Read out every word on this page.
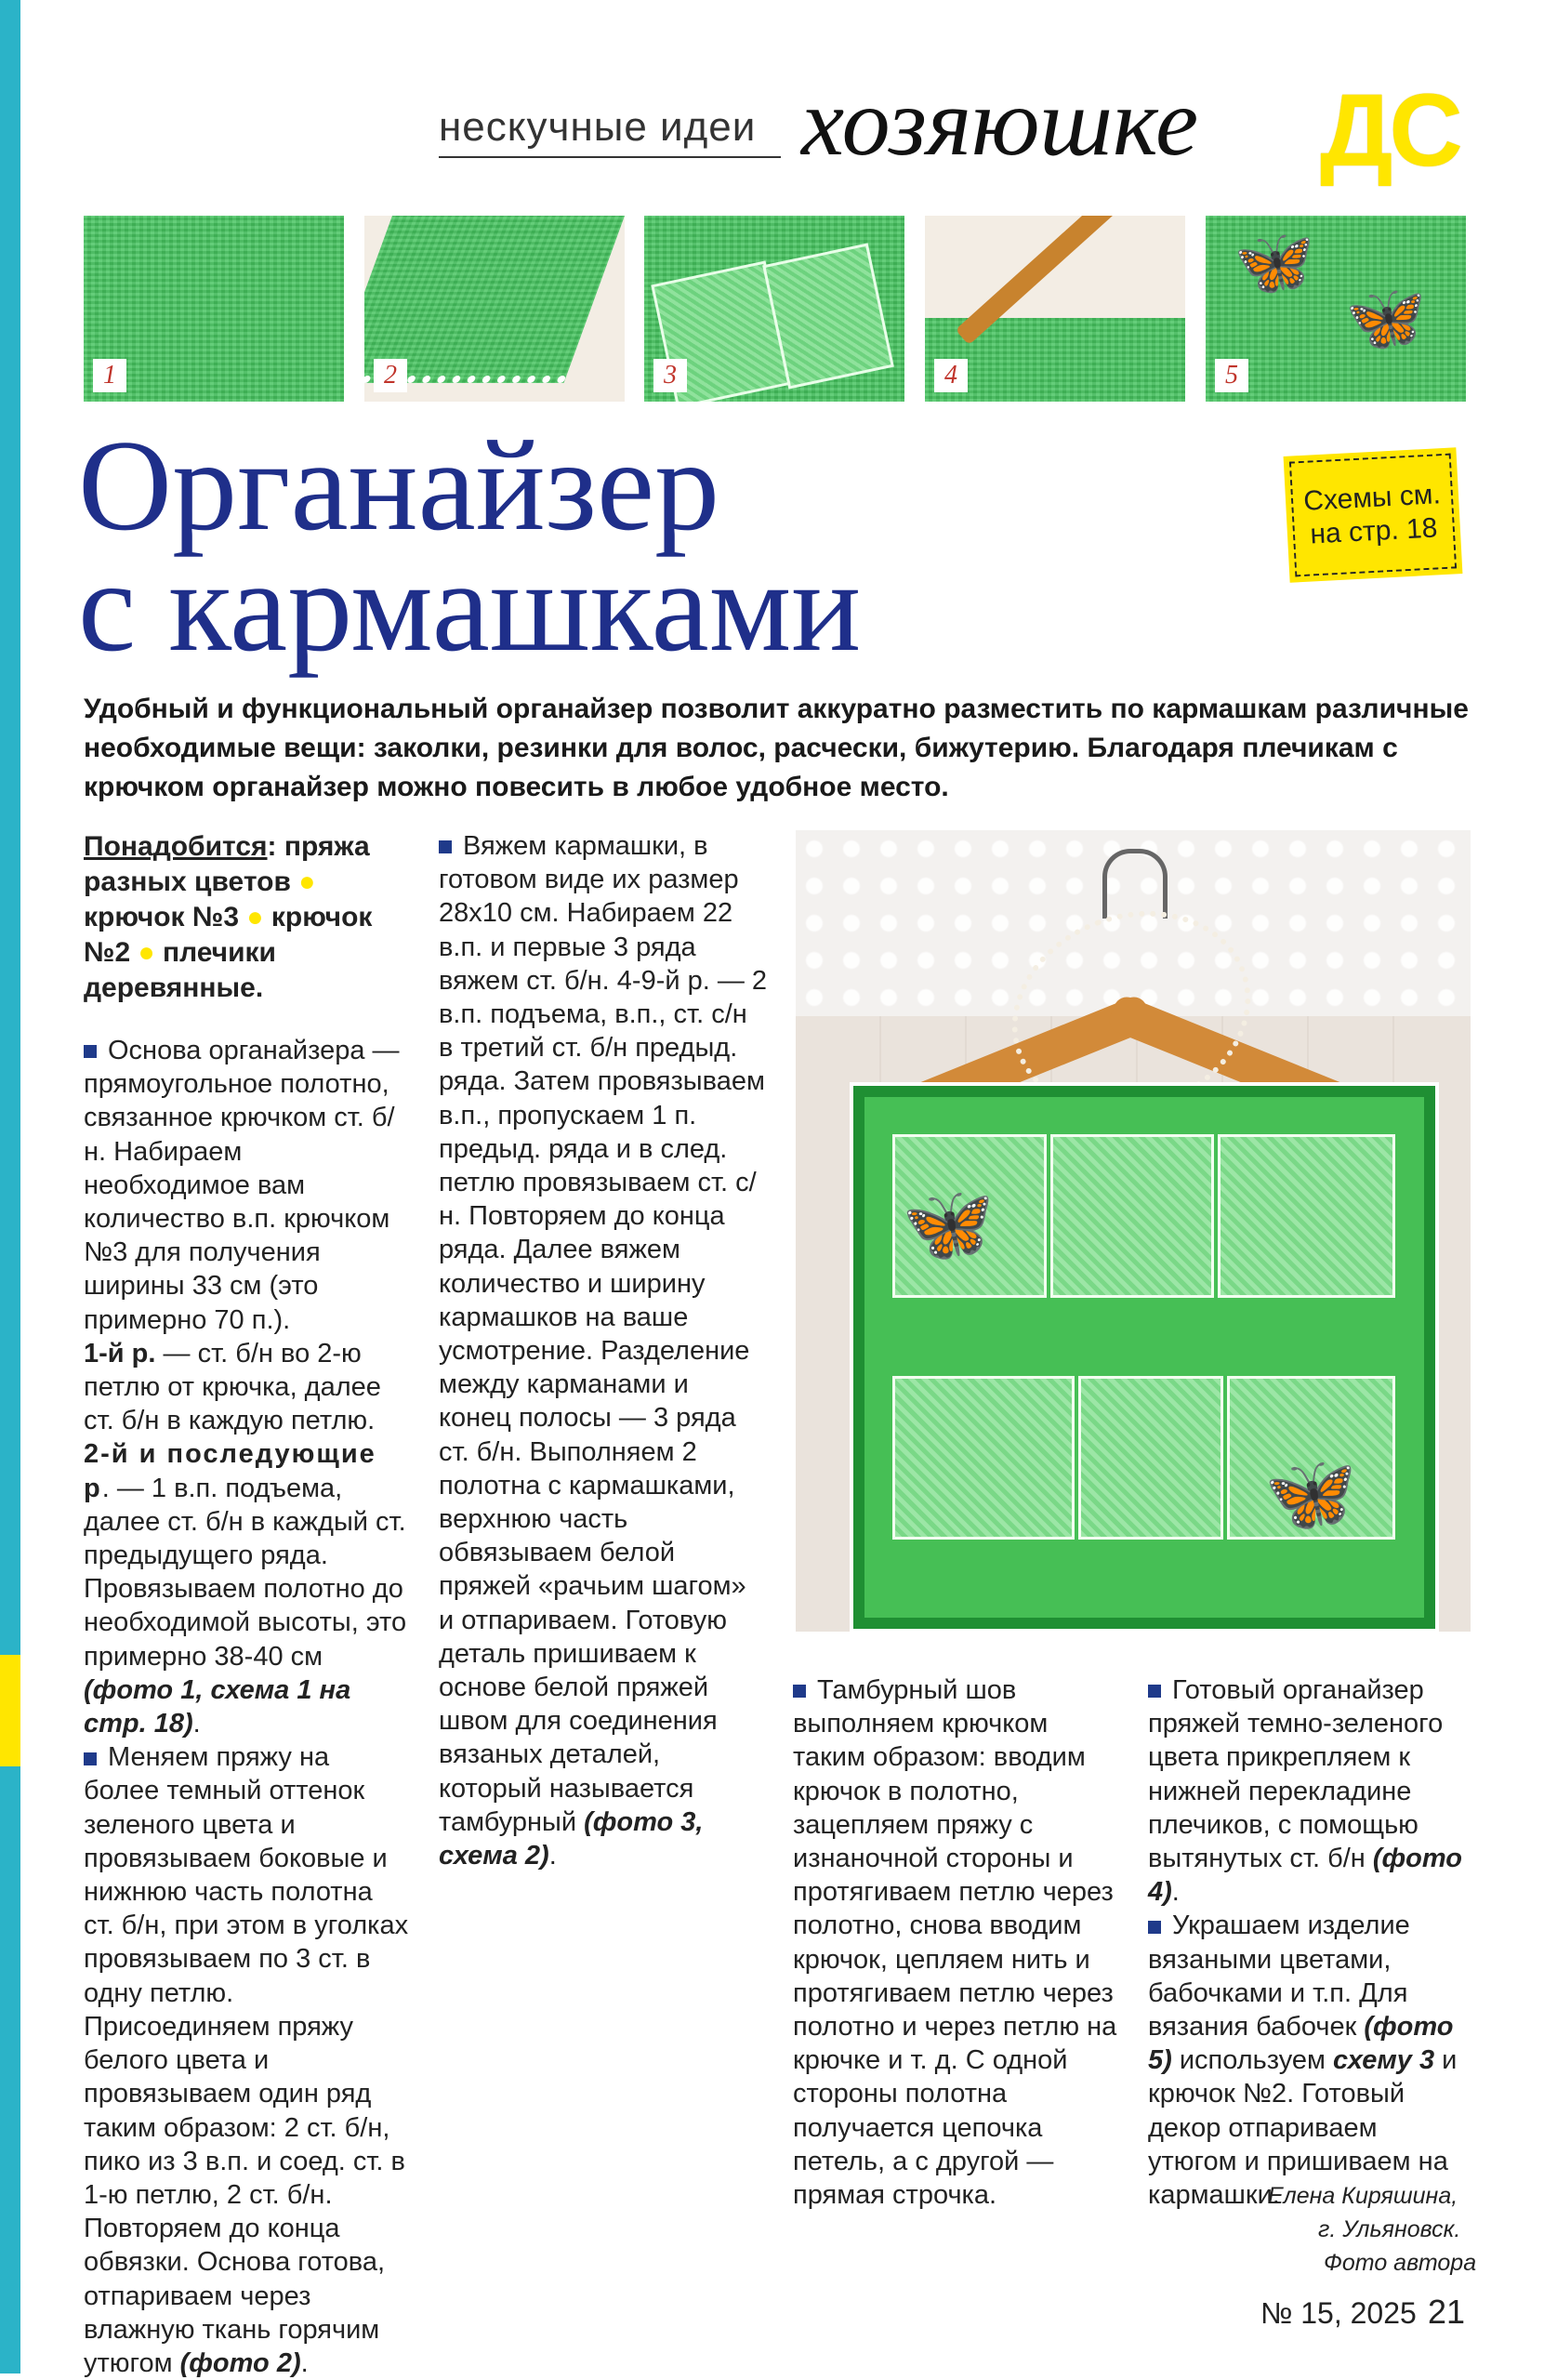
нескучные идеи хозяюшке ДС
1	2	3	4
🦋
🦋
5
Органайзер
с кармашками
Схемы см.
на стр. 18
Удобный и функциональный органайзер позволит аккуратно разместить по кармашкам различные необходимые вещи: заколки, резинки для волос, расчески, бижутерию. Благодаря плечикам с крючком органайзер можно повесить в любое удобное место.

Понадобится: пряжа разных цветов ● крючок №3 ● крючок №2 ● плечики деревянные.

Основа органайзера — прямоугольное полотно, связанное крючком ст. б/н. Набираем необходимое вам количество в.п. крючком №3 для получения ширины 33 см (это примерно 70 п.).

1-й р. — ст. б/н во 2-ю петлю от крючка, далее ст. б/н в каждую петлю.

2-й и последующие р. — 1 в.п. подъема, далее ст. б/н в каждый ст. предыдущего ряда. Провязываем полотно до необходимой высоты, это примерно 38-40 см (фото 1, схема 1 на стр. 18).

Меняем пряжу на более темный оттенок зеленого цвета и провязываем боковые и нижнюю часть полотна ст. б/н, при этом в уголках провязываем по 3 ст. в одну петлю. Присоединяем пряжу белого цвета и провязываем один ряд таким образом: 2 ст. б/н, пико из 3 в.п. и соед. ст. в 1-ю петлю, 2 ст. б/н. Повторяем до конца обвязки. Основа готова, отпариваем через влажную ткань горячим утюгом (фото 2).

Вяжем кармашки, в готовом виде их размер 28х10 см. Набираем 22 в.п. и первые 3 ряда вяжем ст. б/н. 4-9-й р. — 2 в.п. подъема, в.п., ст. с/н в третий ст. б/н предыд. ряда. Затем провязываем в.п., пропускаем 1 п. предыд. ряда и в след. петлю провязываем ст. с/н. Повторяем до конца ряда. Далее вяжем количество и ширину кармашков на ваше усмотрение. Разделение между карманами и конец полосы — 3 ряда ст. б/н. Выполняем 2 полотна с кармашками, верхнюю часть обвязываем белой пряжей «рачьим шагом» и отпариваем. Готовую деталь пришиваем к основе белой пряжей швом для соединения вязаных деталей, который называется тамбурный (фото 3, схема 2).

🦋
🦋

Тамбурный шов выполняем крючком таким образом: вводим крючок в полотно, зацепляем пряжу с изнаночной стороны и протягиваем петлю через полотно, снова вводим крючок, цепляем нить и протягиваем петлю через полотно и через петлю на крючке и т. д. С одной стороны полотна получается цепочка петель, а с другой — прямая строчка.

Готовый органайзер пряжей темно-зеленого цвета прикрепляем к нижней перекладине плечиков, с помощью вытянутых ст. б/н (фото 4).

Украшаем изделие вязаными цветами, бабочками и т.п. Для вязания бабочек (фото 5) используем схему 3 и крючок №2. Готовый декор отпариваем утюгом и пришиваем на кармашки.

Елена Киряшина,
г. Ульяновск.
Фото автора
№ 15, 2025 21
